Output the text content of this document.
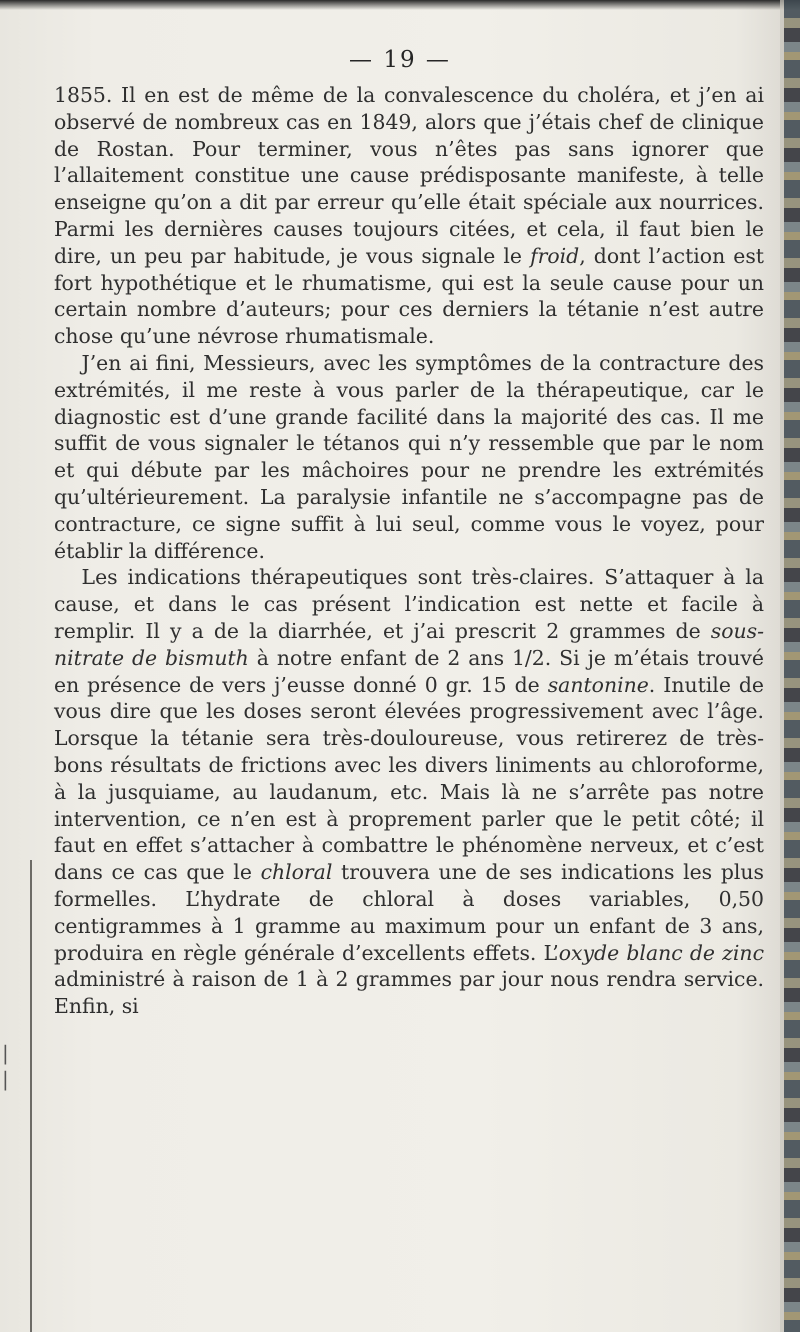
|
|
— 19 —

1855. Il en est de même de la convalescence du choléra, et j’en ai observé de nombreux cas en 1849, alors que j’étais chef de clinique de Rostan. Pour terminer, vous n’êtes pas sans ignorer que l’allaitement constitue une cause prédisposante manifeste, à telle enseigne qu’on a dit par erreur qu’elle était spéciale aux nourrices. Parmi les dernières causes toujours citées, et cela, il faut bien le dire, un peu par habitude, je vous signale le froid, dont l’action est fort hypothétique et le rhumatisme, qui est la seule cause pour un certain nombre d’auteurs; pour ces derniers la tétanie n’est autre chose qu’une névrose rhumatismale.

J’en ai fini, Messieurs, avec les symptômes de la contracture des extrémités, il me reste à vous parler de la thérapeutique, car le diagnostic est d’une grande facilité dans la majorité des cas. Il me suffit de vous signaler le tétanos qui n’y ressemble que par le nom et qui débute par les mâchoires pour ne prendre les extrémités qu’ultérieurement. La paralysie infantile ne s’accompagne pas de contracture, ce signe suffit à lui seul, comme vous le voyez, pour établir la différence.

Les indications thérapeutiques sont très-claires. S’attaquer à la cause, et dans le cas présent l’indication est nette et facile à remplir. Il y a de la diarrhée, et j’ai prescrit 2 grammes de sous-nitrate de bismuth à notre enfant de 2 ans 1/2. Si je m’étais trouvé en présence de vers j’eusse donné 0 gr. 15 de santonine. Inutile de vous dire que les doses seront élevées progressivement avec l’âge. Lorsque la tétanie sera très-douloureuse, vous retirerez de très-bons résultats de frictions avec les divers liniments au chloroforme, à la jusquiame, au laudanum, etc. Mais là ne s’arrête pas notre intervention, ce n’en est à proprement parler que le petit côté; il faut en effet s’attacher à combattre le phénomène nerveux, et c’est dans ce cas que le chloral trouvera une de ses indications les plus formelles. L’hydrate de chloral à doses variables, 0,50 centigrammes à 1 gramme au maximum pour un enfant de 3 ans, produira en règle générale d’excellents effets. L’oxyde blanc de zinc administré à raison de 1 à 2 grammes par jour nous rendra service. Enfin, si
